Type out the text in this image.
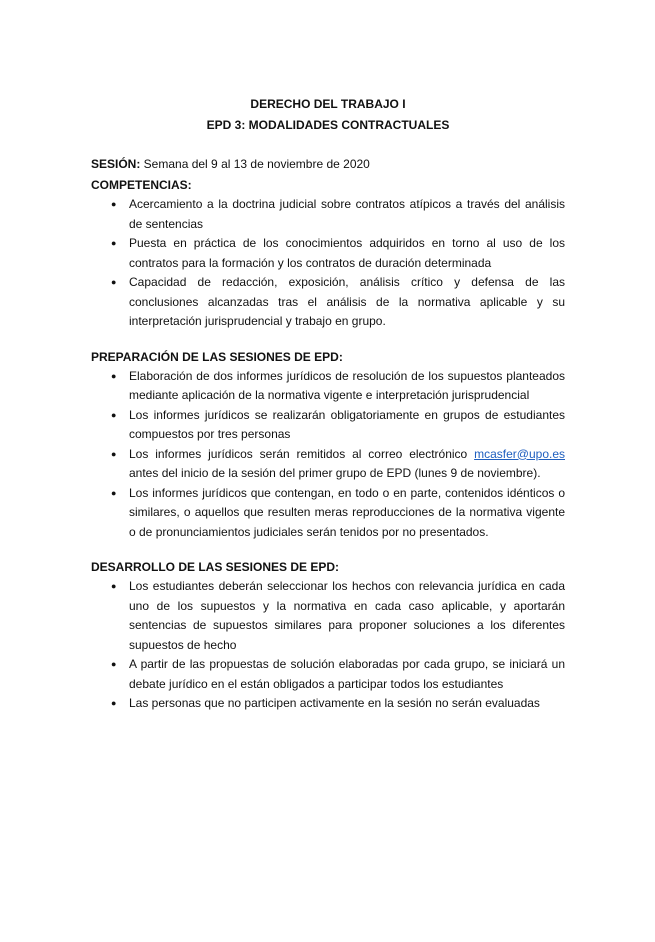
DERECHO DEL TRABAJO I
EPD 3: MODALIDADES CONTRACTUALES
SESIÓN: Semana del 9 al 13 de noviembre de 2020
COMPETENCIAS:
● Acercamiento a la doctrina judicial sobre contratos atípicos a través del análisis de sentencias
● Puesta en práctica de los conocimientos adquiridos en torno al uso de los contratos para la formación y los contratos de duración determinada
● Capacidad de redacción, exposición, análisis crítico y defensa de las conclusiones alcanzadas tras el análisis de la normativa aplicable y su interpretación jurisprudencial y trabajo en grupo.
PREPARACIÓN DE LAS SESIONES DE EPD:
● Elaboración de dos informes jurídicos de resolución de los supuestos planteados mediante aplicación de la normativa vigente e interpretación jurisprudencial
● Los informes jurídicos se realizarán obligatoriamente en grupos de estudiantes compuestos por tres personas
● Los informes jurídicos serán remitidos al correo electrónico mcasfer@upo.es antes del inicio de la sesión del primer grupo de EPD (lunes 9 de noviembre).
● Los informes jurídicos que contengan, en todo o en parte, contenidos idénticos o similares, o aquellos que resulten meras reproducciones de la normativa vigente o de pronunciamientos judiciales serán tenidos por no presentados.
DESARROLLO DE LAS SESIONES DE EPD:
● Los estudiantes deberán seleccionar los hechos con relevancia jurídica en cada uno de los supuestos y la normativa en cada caso aplicable, y aportarán sentencias de supuestos similares para proponer soluciones a los diferentes supuestos de hecho
● A partir de las propuestas de solución elaboradas por cada grupo, se iniciará un debate jurídico en el están obligados a participar todos los estudiantes
● Las personas que no participen activamente en la sesión no serán evaluadas
